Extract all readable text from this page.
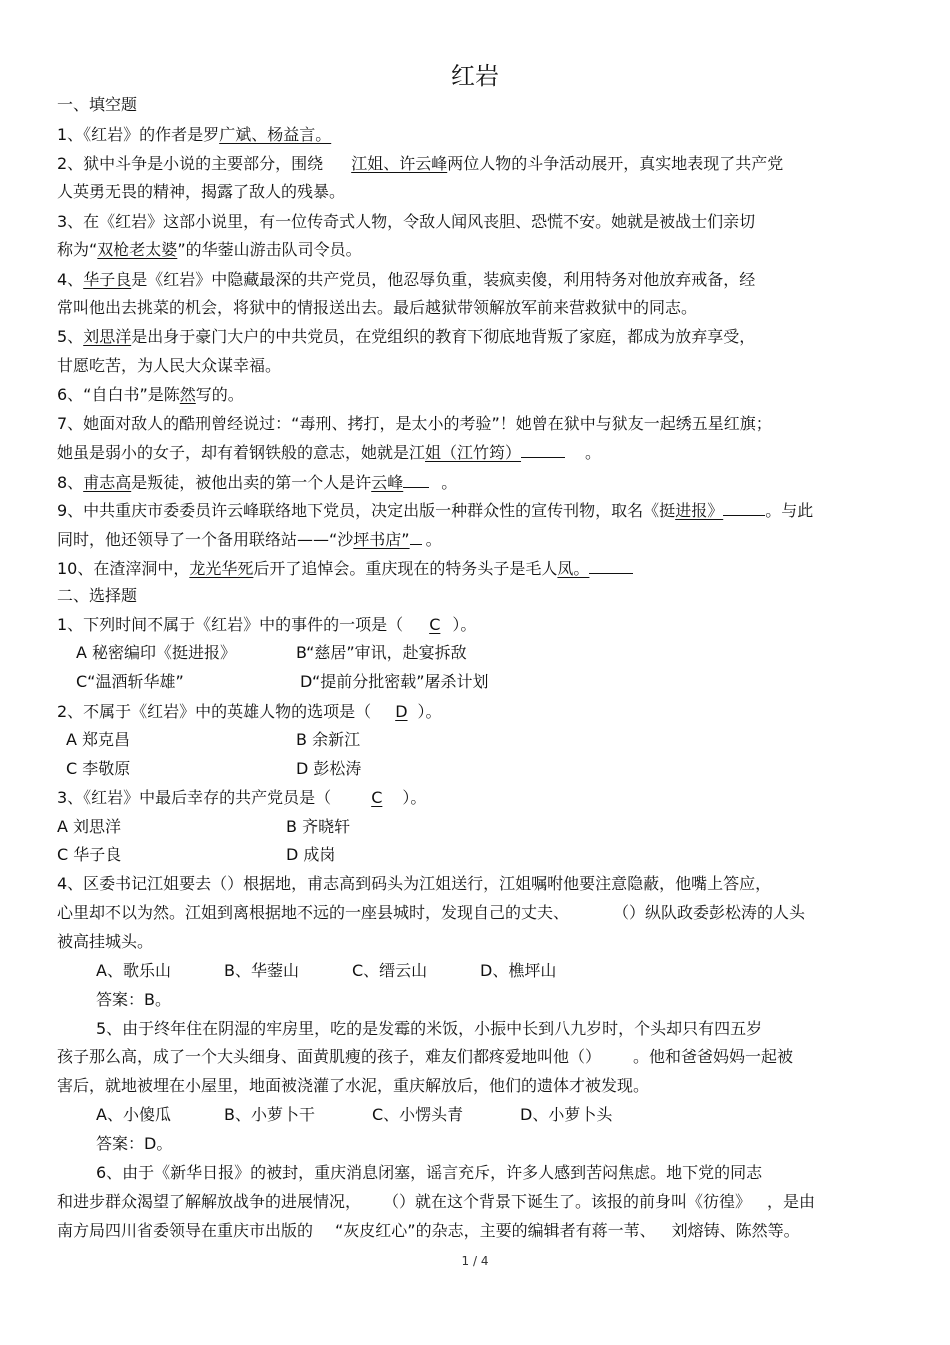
红岩
一、填空题
1、《红岩》的作者是罗广斌、杨益言。
2、狱中斗争是小说的主要部分，围绕 江姐、许云峰两位人物的斗争活动展开，真实地表现了共产党
人英勇无畏的精神，揭露了敌人的残暴。
3、在《红岩》这部小说里，有一位传奇式人物，令敌人闻风丧胆、恐慌不安。她就是被战士们亲切
称为“双枪老太婆”的华蓥山游击队司令员。
4、华子良是《红岩》中隐藏最深的共产党员，他忍辱负重，装疯卖傻，利用特务对他放弃戒备，经
常叫他出去挑菜的机会，将狱中的情报送出去。最后越狱带领解放军前来营救狱中的同志。
5、刘思洋是出身于豪门大户的中共党员，在党组织的教育下彻底地背叛了家庭，都成为放弃享受，
甘愿吃苦，为人民大众谋幸福。
6、“自白书”是陈然写的。
7、她面对敌人的酷刑曾经说过：“毒刑、拷打，是太小的考验”！她曾在狱中与狱友一起绣五星红旗；
她虽是弱小的女子，却有着钢铁般的意志，她就是江姐（江竹筠）	。
8、甫志高是叛徒，被他出卖的第一个人是许云峰 。
9、中共重庆市委委员许云峰联络地下党员，决定出版一种群众性的宣传刊物，取名《挺进报》	。与此
同时，他还领导了一个备用联络站——“沙坪书店” 。
10、在渣滓洞中，龙光华死后开了追悼会。重庆现在的特务头子是毛人凤。
二、选择题
1、下列时间不属于《红岩》中的事件的一项是（ C ）。
A 秘密编印《挺进报》	B“慈居”审讯，赴宴拆敌
C“温酒斩华雄”	D“提前分批密载”屠杀计划
2、不属于《红岩》中的英雄人物的选项是（ D ）。
A 郑克昌	B 余新江
C 李敬原	D 彭松涛
3、《红岩》中最后幸存的共产党员是（	C ）。
A 刘思洋	B 齐晓轩
C 华子良	D 成岗
4、区委书记江姐要去（）根据地，甫志高到码头为江姐送行，江姐嘱咐他要注意隐蔽，他嘴上答应，
心里却不以为然。江姐到离根据地不远的一座县城时，发现自己的丈夫、	（）纵队政委彭松涛的人头
被高挂城头。
A、歌乐山	B、华蓥山	C、缙云山	D、樵坪山
答案：B。
5、由于终年住在阴湿的牢房里，吃的是发霉的米饭，小振中长到八九岁时，个头却只有四五岁
孩子那么高，成了一个大头细身、面黄肌瘦的孩子，难友们都疼爱地叫他（） 。他和爸爸妈妈一起被
害后，就地被埋在小屋里，地面被浇灌了水泥，重庆解放后，他们的遗体才被发现。
A、小傻瓜	B、小萝卜干	C、小愣头青	D、小萝卜头
答案：D。
6、由于《新华日报》的被封，重庆消息闭塞，谣言充斥，许多人感到苦闷焦虑。地下党的同志
和进步群众渴望了解解放战争的进展情况， （）就在这个背景下诞生了。该报的前身叫《彷徨》 ，是由
南方局四川省委领导在重庆市出版的 “灰皮红心”的杂志，主要的编辑者有蒋一苇、 刘熔铸、陈然等。
1 / 4
